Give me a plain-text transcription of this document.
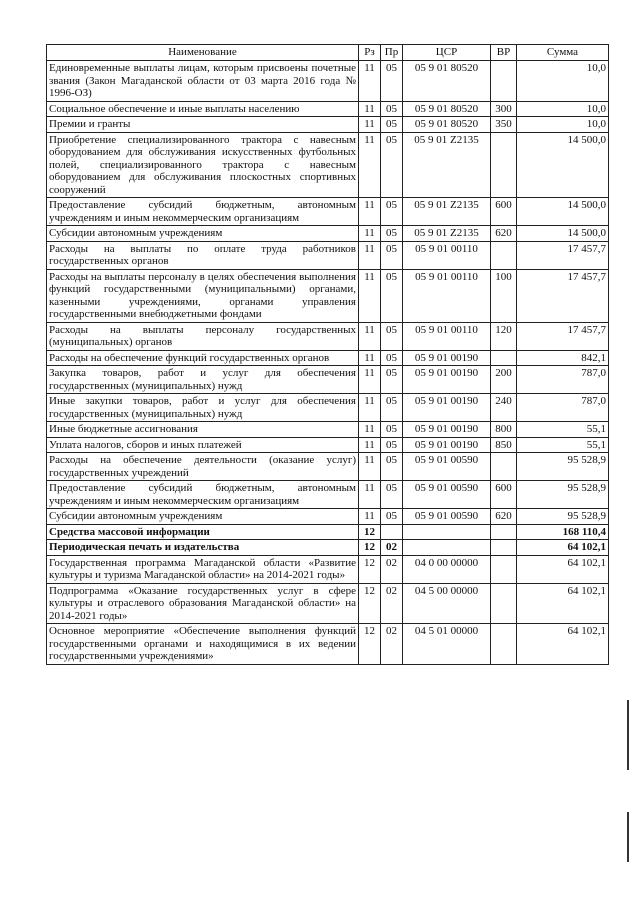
Наименование	Рз	Пр	ЦСР	ВР	Сумма
Единовременные выплаты лицам, которым присвоены почетные звания (Закон Магаданской области от 03 марта 2016 года № 1996-ОЗ)	11	05	05 9 01 80520		10,0
Социальное обеспечение и иные выплаты населению	11	05	05 9 01 80520	300	10,0
Премии и гранты	11	05	05 9 01 80520	350	10,0
Приобретение специализированного трактора с навесным оборудованием для обслуживания искусственных футбольных полей, специализированного трактора с навесным оборудованием для обслуживания плоскостных спортивных сооружений	11	05	05 9 01 Z2135		14 500,0
Предоставление субсидий бюджетным, автономным учреждениям и иным некоммерческим организациям	11	05	05 9 01 Z2135	600	14 500,0
Субсидии автономным учреждениям	11	05	05 9 01 Z2135	620	14 500,0
Расходы на выплаты по оплате труда работников государственных органов	11	05	05 9 01 00110		17 457,7
Расходы на выплаты персоналу в целях обеспечения выполнения функций государственными (муниципальными) органами, казенными учреждениями, органами управления государственными внебюджетными фондами	11	05	05 9 01 00110	100	17 457,7
Расходы на выплаты персоналу государственных (муниципальных) органов	11	05	05 9 01 00110	120	17 457,7
Расходы на обеспечение функций государственных органов	11	05	05 9 01 00190		842,1
Закупка товаров, работ и услуг для обеспечения государственных (муниципальных) нужд	11	05	05 9 01 00190	200	787,0
Иные закупки товаров, работ и услуг для обеспечения государственных (муниципальных) нужд	11	05	05 9 01 00190	240	787,0
Иные бюджетные ассигнования	11	05	05 9 01 00190	800	55,1
Уплата налогов, сборов и иных платежей	11	05	05 9 01 00190	850	55,1
Расходы на обеспечение деятельности (оказание услуг) государственных учреждений	11	05	05 9 01 00590		95 528,9
Предоставление субсидий бюджетным, автономным учреждениям и иным некоммерческим организациям	11	05	05 9 01 00590	600	95 528,9
Субсидии автономным учреждениям	11	05	05 9 01 00590	620	95 528,9
Средства массовой информации	12				168 110,4
Периодическая печать и издательства	12	02			64 102,1
Государственная программа Магаданской области «Развитие культуры и туризма Магаданской области» на 2014-2021 годы»	12	02	04 0 00 00000		64 102,1
Подпрограмма «Оказание государственных услуг в сфере культуры и отраслевого образования Магаданской области» на 2014-2021 годы»	12	02	04 5 00 00000		64 102,1
Основное мероприятие «Обеспечение выполнения функций государственными органами и находящимися в их ведении государственными учреждениями»	12	02	04 5 01 00000		64 102,1
